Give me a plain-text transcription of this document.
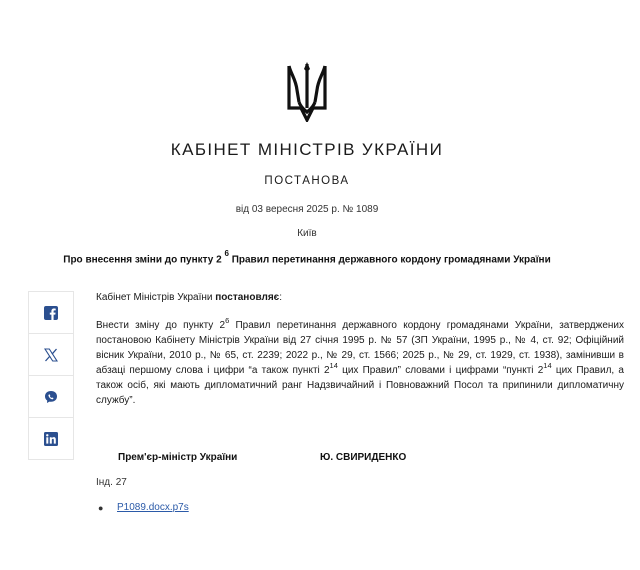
КАБІНЕТ МІНІСТРІВ УКРАЇНИ
ПОСТАНОВА
від 03 вересня 2025 р. № 1089
Київ
Про внесення зміни до пункту 2 $^6$ Правил перетинання державного кордону громадянами України

Кабінет Міністрів України постановляє:

Внести зміну до пункту $2^6$ Правил перетинання державного кордону громадянами України, затверджених постановою Кабінету Міністрів України від 27 січня 1995 р. № 57 (ЗП України, 1995 р., № 4, ст. 92; Офіційний вісник України, 2010 р., № 65, ст. 2239; 2022 р., № 29, ст. 1566; 2025 р., № 29, ст. 1929, ст. 1938), замінивши в абзаці першому слова і цифри “а також пункті $2^{14}$ цих Правил” словами і цифрами “пункті $2^{14}$ цих Правил, а також осіб, які мають дипломатичний ранг Надзвичайний і Повноважний Посол та припинили дипломатичну службу”.

Прем'єр-міністр України	Ю. СВИРИДЕНКО
Інд. 27
●	P1089.docx.p7s
